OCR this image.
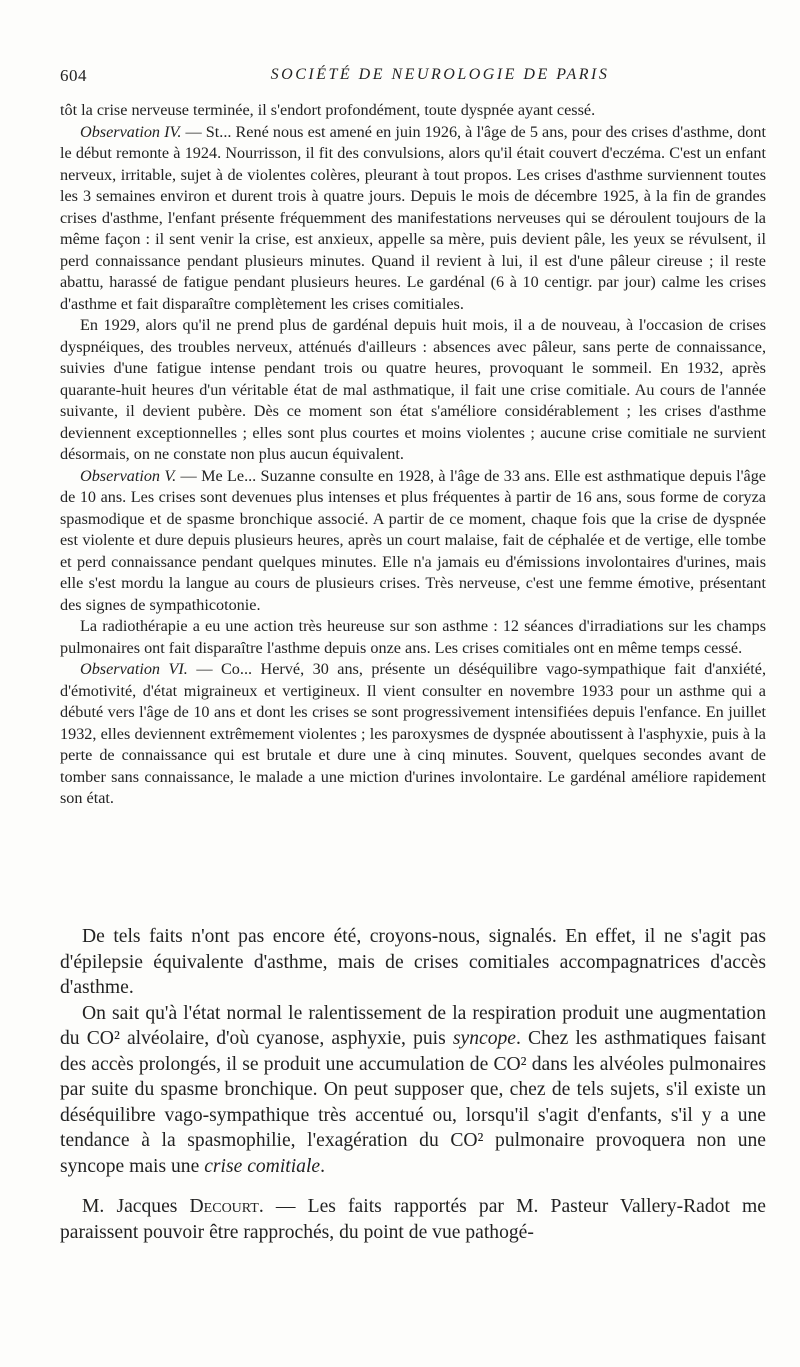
604	SOCIÉTÉ DE NEUROLOGIE DE PARIS

tôt la crise nerveuse terminée, il s'endort profondément, toute dyspnée ayant cessé.

Observation IV. — St... René nous est amené en juin 1926, à l'âge de 5 ans, pour des crises d'asthme, dont le début remonte à 1924. Nourrisson, il fit des convulsions, alors qu'il était couvert d'eczéma. C'est un enfant nerveux, irritable, sujet à de violentes colères, pleurant à tout propos. Les crises d'asthme surviennent toutes les 3 semaines environ et durent trois à quatre jours. Depuis le mois de décembre 1925, à la fin de grandes crises d'asthme, l'enfant présente fréquemment des manifestations nerveuses qui se déroulent toujours de la même façon : il sent venir la crise, est anxieux, appelle sa mère, puis devient pâle, les yeux se révulsent, il perd connaissance pendant plusieurs minutes. Quand il revient à lui, il est d'une pâleur cireuse ; il reste abattu, harassé de fatigue pendant plusieurs heures. Le gardénal (6 à 10 centigr. par jour) calme les crises d'asthme et fait disparaître complètement les crises comitiales.

En 1929, alors qu'il ne prend plus de gardénal depuis huit mois, il a de nouveau, à l'occasion de crises dyspnéiques, des troubles nerveux, atténués d'ailleurs : absences avec pâleur, sans perte de connaissance, suivies d'une fatigue intense pendant trois ou quatre heures, provoquant le sommeil. En 1932, après quarante-huit heures d'un véritable état de mal asthmatique, il fait une crise comitiale. Au cours de l'année suivante, il devient pubère. Dès ce moment son état s'améliore considérablement ; les crises d'asthme deviennent exceptionnelles ; elles sont plus courtes et moins violentes ; aucune crise comitiale ne survient désormais, on ne constate non plus aucun équivalent.

Observation V. — Me Le... Suzanne consulte en 1928, à l'âge de 33 ans. Elle est asthmatique depuis l'âge de 10 ans. Les crises sont devenues plus intenses et plus fréquentes à partir de 16 ans, sous forme de coryza spasmodique et de spasme bronchique associé. A partir de ce moment, chaque fois que la crise de dyspnée est violente et dure depuis plusieurs heures, après un court malaise, fait de céphalée et de vertige, elle tombe et perd connaissance pendant quelques minutes. Elle n'a jamais eu d'émissions involontaires d'urines, mais elle s'est mordu la langue au cours de plusieurs crises. Très nerveuse, c'est une femme émotive, présentant des signes de sympathicotonie.

La radiothérapie a eu une action très heureuse sur son asthme : 12 séances d'irradiations sur les champs pulmonaires ont fait disparaître l'asthme depuis onze ans. Les crises comitiales ont en même temps cessé.

Observation VI. — Co... Hervé, 30 ans, présente un déséquilibre vago-sympathique fait d'anxiété, d'émotivité, d'état migraineux et vertigineux. Il vient consulter en novembre 1933 pour un asthme qui a débuté vers l'âge de 10 ans et dont les crises se sont progressivement intensifiées depuis l'enfance. En juillet 1932, elles deviennent extrêmement violentes ; les paroxysmes de dyspnée aboutissent à l'asphyxie, puis à la perte de connaissance qui est brutale et dure une à cinq minutes. Souvent, quelques secondes avant de tomber sans connaissance, le malade a une miction d'urines involontaire. Le gardénal améliore rapidement son état.

De tels faits n'ont pas encore été, croyons-nous, signalés. En effet, il ne s'agit pas d'épilepsie équivalente d'asthme, mais de crises comitiales accompagnatrices d'accès d'asthme.

On sait qu'à l'état normal le ralentissement de la respiration produit une augmentation du CO² alvéolaire, d'où cyanose, asphyxie, puis syncope. Chez les asthmatiques faisant des accès prolongés, il se produit une accumulation de CO² dans les alvéoles pulmonaires par suite du spasme bronchique. On peut supposer que, chez de tels sujets, s'il existe un déséquilibre vago-sympathique très accentué ou, lorsqu'il s'agit d'enfants, s'il y a une tendance à la spasmophilie, l'exagération du CO² pulmonaire provoquera non une syncope mais une crise comitiale.

M. Jacques Decourt. — Les faits rapportés par M. Pasteur Vallery-Radot me paraissent pouvoir être rapprochés, du point de vue pathogé-
